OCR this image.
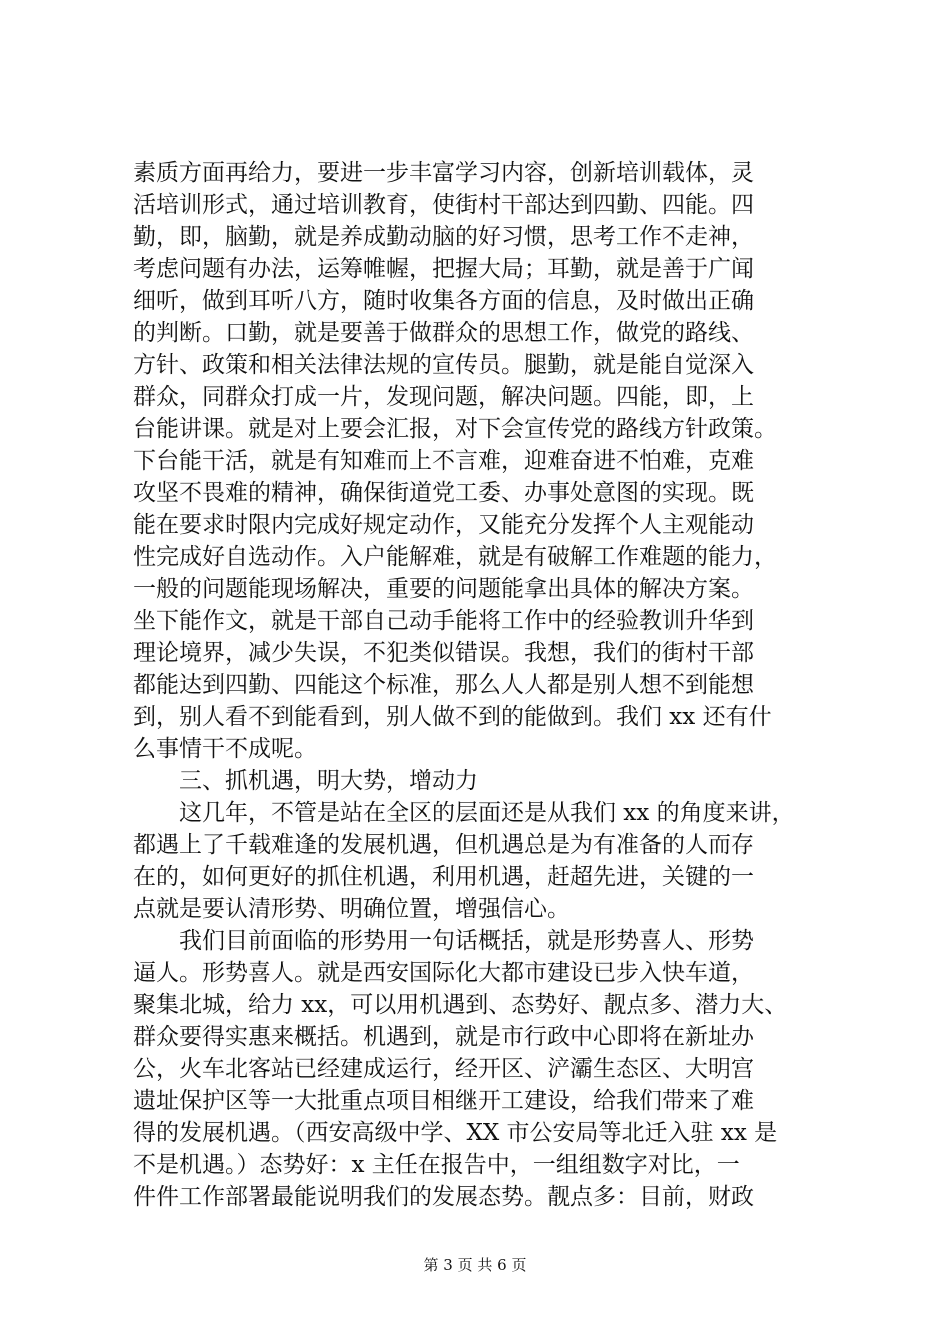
素质方面再给力，要进一步丰富学习内容，创新培训载体，灵
活培训形式，通过培训教育，使街村干部达到四勤、四能。四
勤，即，脑勤，就是养成勤动脑的好习惯，思考工作不走神，
考虑问题有办法，运筹帷幄，把握大局；耳勤，就是善于广闻
细听，做到耳听八方，随时收集各方面的信息，及时做出正确
的判断。口勤，就是要善于做群众的思想工作，做党的路线、
方针、政策和相关法律法规的宣传员。腿勤，就是能自觉深入
群众，同群众打成一片，发现问题，解决问题。四能，即，上
台能讲课。就是对上要会汇报，对下会宣传党的路线方针政策。
下台能干活，就是有知难而上不言难，迎难奋进不怕难，克难
攻坚不畏难的精神，确保街道党工委、办事处意图的实现。既
能在要求时限内完成好规定动作，又能充分发挥个人主观能动
性完成好自选动作。入户能解难，就是有破解工作难题的能力，
一般的问题能现场解决，重要的问题能拿出具体的解决方案。
坐下能作文，就是干部自己动手能将工作中的经验教训升华到
理论境界，减少失误，不犯类似错误。我想，我们的街村干部
都能达到四勤、四能这个标准，那么人人都是别人想不到能想
到，别人看不到能看到，别人做不到的能做到。我们 xx 还有什
么事情干不成呢。
三、抓机遇，明大势，增动力
这几年，不管是站在全区的层面还是从我们 xx 的角度来讲，
都遇上了千载难逢的发展机遇，但机遇总是为有准备的人而存
在的，如何更好的抓住机遇，利用机遇，赶超先进，关键的一
点就是要认清形势、明确位置，增强信心。
我们目前面临的形势用一句话概括，就是形势喜人、形势
逼人。形势喜人。就是西安国际化大都市建设已步入快车道，
聚集北城，给力 xx，可以用机遇到、态势好、靓点多、潜力大、
群众要得实惠来概括。机遇到，就是市行政中心即将在新址办
公，火车北客站已经建成运行，经开区、浐灞生态区、大明宫
遗址保护区等一大批重点项目相继开工建设，给我们带来了难
得的发展机遇。（西安高级中学、XX 市公安局等北迁入驻 xx 是
不是机遇。）态势好：x 主任在报告中，一组组数字对比，一
件件工作部署最能说明我们的发展态势。靓点多：目前，财政
第 3 页 共 6 页
